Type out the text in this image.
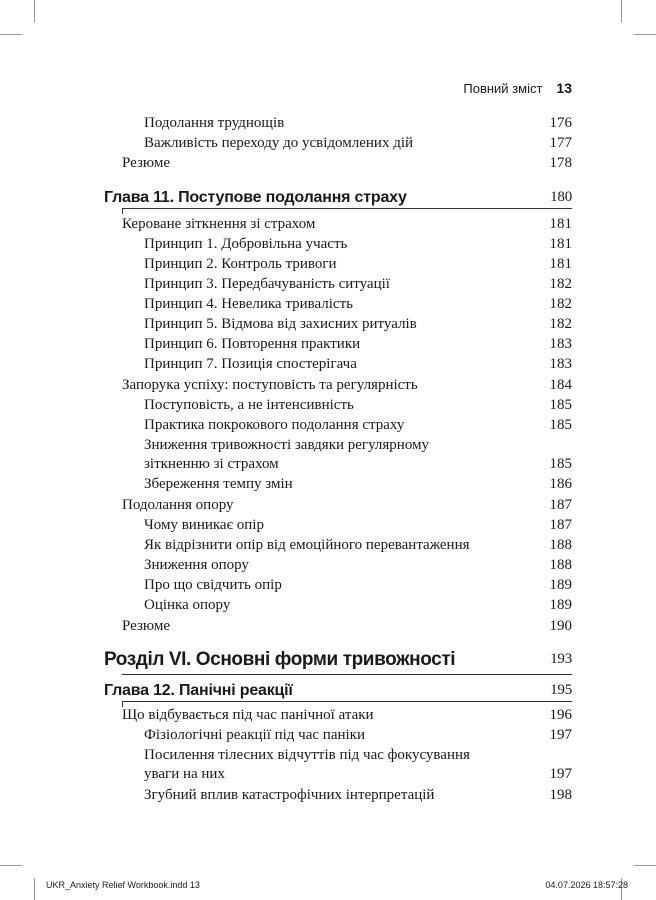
Повний зміст 13
Подолання труднощів	176
Важливість переходу до усвідомлених дій	177
Резюме	178
Глава 11. Поступове подолання страху	180
Кероване зіткнення зі страхом	181
Принцип 1. Добровільна участь	181
Принцип 2. Контроль тривоги	181
Принцип 3. Передбачуваність ситуації	182
Принцип 4. Невелика тривалість	182
Принцип 5. Відмова від захисних ритуалів	182
Принцип 6. Повторення практики	183
Принцип 7. Позиція спостерігача	183
Запорука успіху: поступовість та регулярність	184
Поступовість, а не інтенсивність	185
Практика покрокового подолання страху	185
Зниження тривожності завдяки регулярному зіткненню зі страхом	185
Збереження темпу змін	186
Подолання опору	187
Чому виникає опір	187
Як відрізнити опір від емоційного перевантаження	188
Зниження опору	188
Про що свідчить опір	189
Оцінка опору	189
Резюме	190
Розділ VI. Основні форми тривожності	193
Глава 12. Панічні реакції	195
Що відбувається під час панічної атаки	196
Фізіологічні реакції під час паніки	197
Посилення тілесних відчуттів під час фокусування уваги на них	197
Згубний вплив катастрофічних інтерпретацій	198
UKR_Anxiety Relief Workbook.indd 13	04.07.2026 18:57:28
